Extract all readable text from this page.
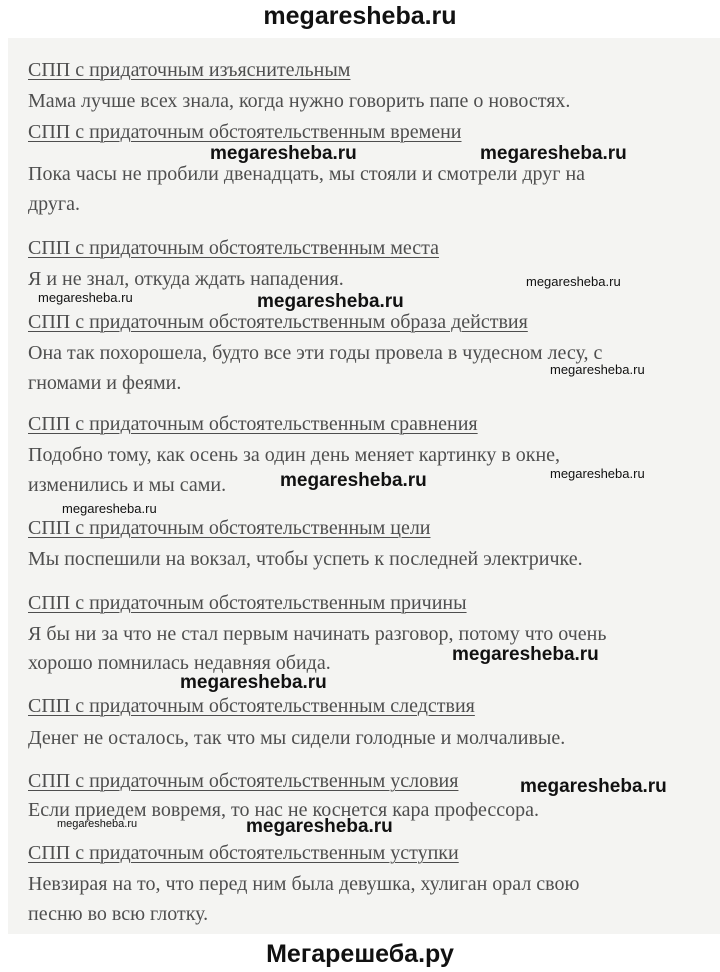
megaresheba.ru
СПП с придаточным изъяснительным
Мама лучше всех знала, когда нужно говорить папе о новостях.
СПП с придаточным обстоятельственным времени
Пока часы не пробили двенадцать, мы стояли и смотрели друг на
друга.
СПП с придаточным обстоятельственным места
Я и не знал, откуда ждать нападения.
СПП с придаточным обстоятельственным образа действия
Она так похорошела, будто все эти годы провела в чудесном лесу, с
гномами и феями.
СПП с придаточным обстоятельственным сравнения
Подобно тому, как осень за один день меняет картинку в окне,
изменились и мы сами.
СПП с придаточным обстоятельственным цели
Мы поспешили на вокзал, чтобы успеть к последней электричке.
СПП с придаточным обстоятельственным причины
Я бы ни за что не стал первым начинать разговор, потому что очень
хорошо помнилась недавняя обида.
СПП с придаточным обстоятельственным следствия
Денег не осталось, так что мы сидели голодные и молчаливые.
СПП с придаточным обстоятельственным условия
Если приедем вовремя, то нас не коснется кара профессора.
СПП с придаточным обстоятельственным уступки
Невзирая на то, что перед ним была девушка, хулиган орал свою
песню во всю глотку.
megaresheba.ru	megaresheba.ru
megaresheba.ru
megaresheba.ru	megaresheba.ru
megaresheba.ru
megaresheba.ru
megaresheba.ru
megaresheba.ru
megaresheba.ru
megaresheba.ru
megaresheba.ru
megaresheba.ru	megaresheba.ru
Мегарешеба.ру
